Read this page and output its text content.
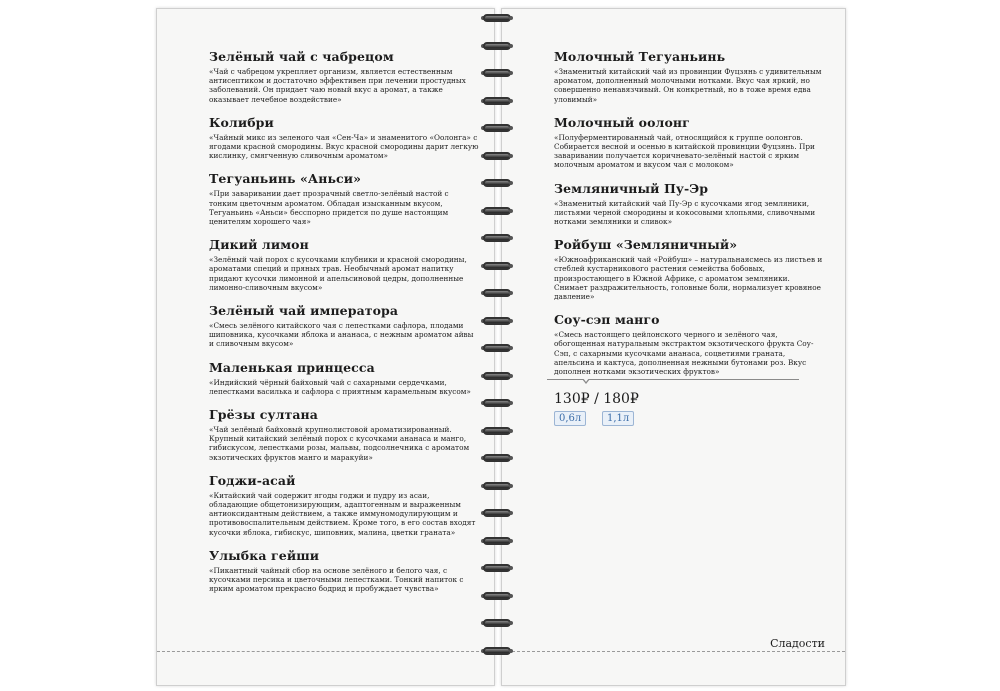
Зелёный чай с чабрецом

«Чай с чабрецом укрепляет организм, является естественным антисептиком и достаточно эффективен при лечении простудных заболеваний. Он придает чаю новый вкус а аромат, а также оказывает лечебное воздействие»

Колибри

«Чайный микс из зеленого чая «Сен-Ча» и знаменитого «Оолонга» с ягодами красной смородины. Вкус красной смородины дарит легкую кислинку, смягченную сливочным ароматом»

Тегуаньинь «Аньси»

«При заваривании дает прозрачный светло-зелёный настой с тонким цветочным ароматом. Обладая изысканным вкусом, Тегуаньинь «Аньси» бесспорно придется по душе настоящим ценителям хорошего чая»

Дикий лимон

«Зелёный чай порох с кусочками клубники и красной смородины, ароматами специй и пряных трав. Необычный аромат напитку придают кусочки лимонной и апельсиновой цедры, дополненные лимонно-сливочным вкусом»

Зелёный чай императора

«Смесь зелёного китайского чая с лепестками сафлора, плодами шиповника, кусочками яблока и ананаса, с нежным ароматом айвы и сливочным вкусом»

Маленькая принцесса

«Индийский чёрный байховый чай с сахарными сердечками, лепестками василька и сафлора с приятным карамельным вкусом»

Грёзы султана

«Чай зелёный байховый крупнолистовой ароматизированный. Крупный китайский зелёный порох с кусочками ананаса и манго, гибискусом, лепестками розы, мальвы, подсолнечника с ароматом экзотических фруктов манго и маракуйи»

Годжи-асай

«Китайский чай содержит ягоды годжи и пудру из асаи, обладающие общетонизирующим, адаптогенным и выраженным антиоксидантным действием, а также иммуномодулирующим и противовоспалительным действием. Кроме того, в его состав входят кусочки яблока, гибискус, шиповник, малина, цветки граната»

Улыбка гейши

«Пикантный чайный сбор на основе зелёного и белого чая, с кусочками персика и цветочными лепестками. Тонкий напиток с ярким ароматом прекрасно бодрид и пробуждает чувства»

Молочный Тегуаньинь

«Знаменитый китайский чай из провинции Фуцзянь с удивительным ароматом, дополненный молочными нотками. Вкус чая яркий, но совершенно ненавязчивый. Он конкретный, но в тоже время едва уловимый»

Молочный оолонг

«Полуферментированный чай, относящийся к группе оолонгов. Собирается весной и осенью в китайской провинции Фуцзянь. При заваривании получается коричневато-зелёный настой с ярким молочным ароматом и вкусом чая с молоком»

Земляничный Пу-Эр

«Знаменитый китайский чай Пу-Эр с кусочками ягод земляники, листьями черной смородины и кокосовыми хлопьями, сливочными нотками земляники и сливок»

Ройбуш «Земляничный»

«Южноафриканский чай «Ройбуш» – натуральнаясмесь из листьев и стеблей кустарникового растения семейства бобовых, произростающего в Южной Африке, с ароматом земляники. Снимает раздражительность, головные боли, нормализует кровяное давление»

Соу-сэп манго

«Смесь настоящего цейлонского черного и зелёного чая, обогощенная натуральным экстрактом экзотического фрукта Соу-Сэп, с сахарными кусочками ананаса, соцветиями граната, апельсина и кактуса, дополненная нежными бутонами роз. Вкус дополнен нотками экзотических фруктов»

130₽ / 180₽
0,6л	1,1л
Сладости
